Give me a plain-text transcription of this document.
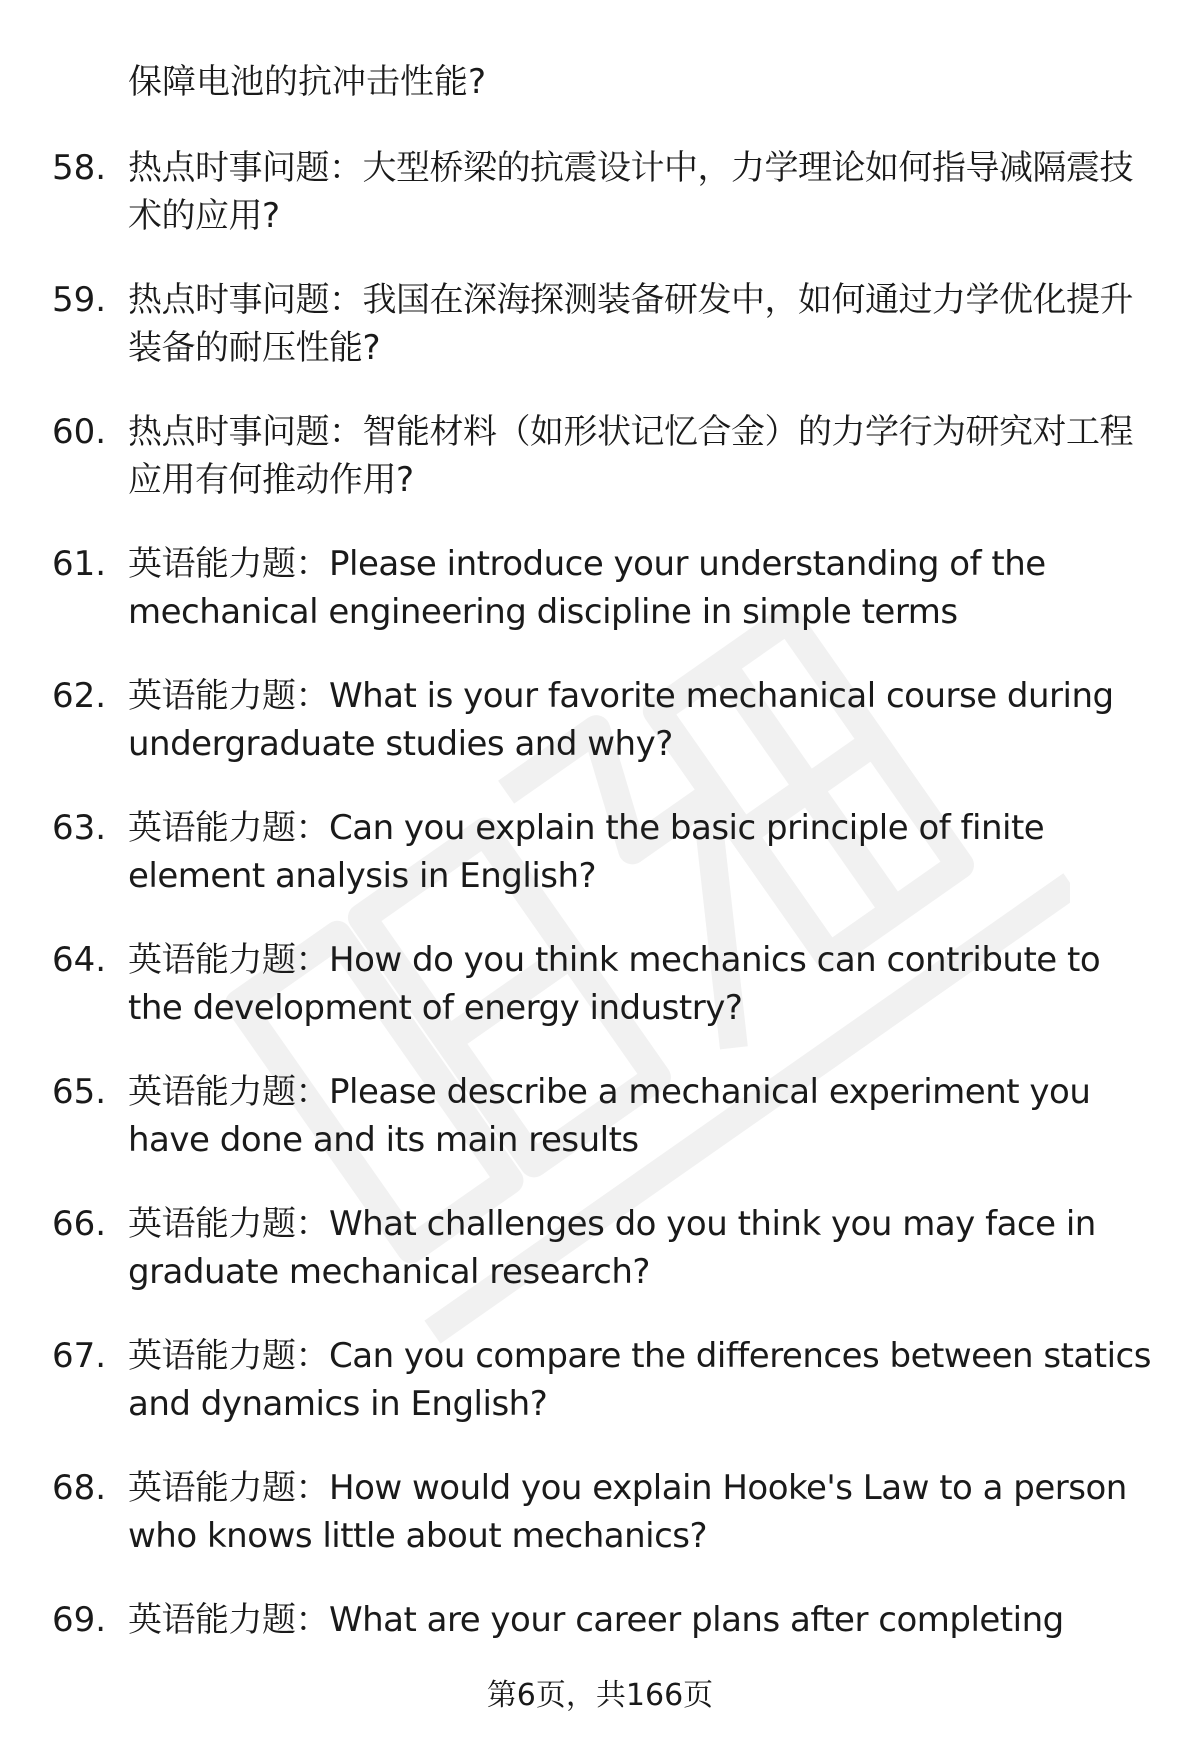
保障电池的抗冲击性能?

58. 热点时事问题：大型桥梁的抗震设计中，力学理论如何指导减隔震技术的应用?

59. 热点时事问题：我国在深海探测装备研发中，如何通过力学优化提升装备的耐压性能?

60. 热点时事问题：智能材料（如形状记忆合金）的力学行为研究对工程应用有何推动作用?

61. 英语能力题：Please introduce your understanding of the mechanical engineering discipline in simple terms

62. 英语能力题：What is your favorite mechanical course during undergraduate studies and why?

63. 英语能力题：Can you explain the basic principle of finite element analysis in English?

64. 英语能力题：How do you think mechanics can contribute to the development of energy industry?

65. 英语能力题：Please describe a mechanical experiment you have done and its main results

66. 英语能力题：What challenges do you think you may face in graduate mechanical research?

67. 英语能力题：Can you compare the differences between statics and dynamics in English?

68. 英语能力题：How would you explain Hooke's Law to a person who knows little about mechanics?

69. 英语能力题：What are your career plans after completing

第6页，共166页
